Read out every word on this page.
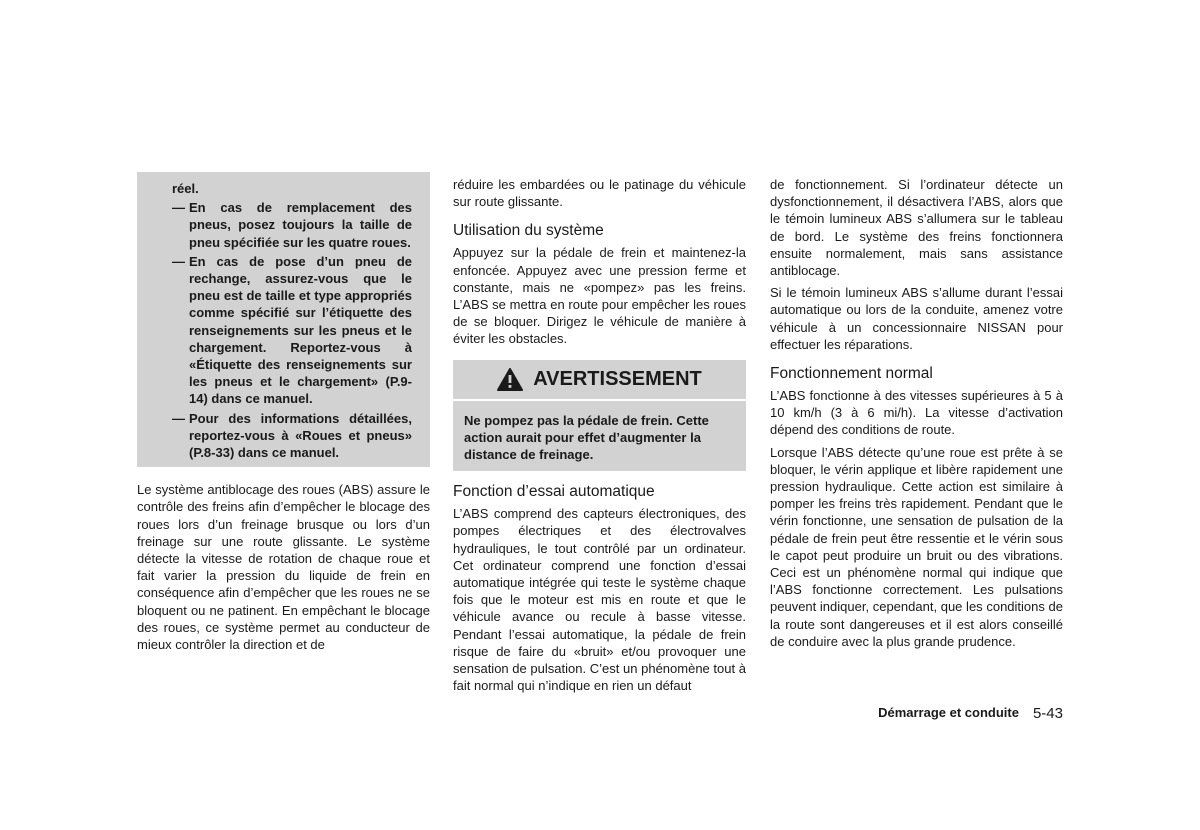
réel.

— En cas de remplacement des pneus, posez toujours la taille de pneu spécifiée sur les quatre roues.
— En cas de pose d’un pneu de rechange, assurez-vous que le pneu est de taille et type appropriés comme spécifié sur l’étiquette des renseignements sur les pneus et le chargement. Reportez-vous à «Étiquette des renseignements sur les pneus et le chargement» (P.9-14) dans ce manuel.
— Pour des informations détaillées, reportez-vous à «Roues et pneus» (P.8-33) dans ce manuel.

Le système antiblocage des roues (ABS) assure le contrôle des freins afin d’empêcher le blocage des roues lors d’un freinage brusque ou lors d’un freinage sur une route glissante. Le système détecte la vitesse de rotation de chaque roue et fait varier la pression du liquide de frein en conséquence afin d’empêcher que les roues ne se bloquent ou ne patinent. En empêchant le blocage des roues, ce système permet au conducteur de mieux contrôler la direction et de

réduire les embardées ou le patinage du véhicule sur route glissante.

Utilisation du système

Appuyez sur la pédale de frein et maintenez-la enfoncée. Appuyez avec une pression ferme et constante, mais ne «pompez» pas les freins. L’ABS se mettra en route pour empêcher les roues de se bloquer. Dirigez le véhicule de manière à éviter les obstacles.

AVERTISSEMENT
Ne pompez pas la pédale de frein. Cette action aurait pour effet d’augmenter la distance de freinage.
Fonction d’essai automatique

L’ABS comprend des capteurs électroniques, des pompes électriques et des électrovalves hydrauliques, le tout contrôlé par un ordinateur. Cet ordinateur comprend une fonction d’essai automatique intégrée qui teste le système chaque fois que le moteur est mis en route et que le véhicule avance ou recule à basse vitesse. Pendant l’essai automatique, la pédale de frein risque de faire du «bruit» et/ou provoquer une sensation de pulsation. C’est un phénomène tout à fait normal qui n’indique en rien un défaut

de fonctionnement. Si l’ordinateur détecte un dysfonctionnement, il désactivera l’ABS, alors que le témoin lumineux ABS s’allumera sur le tableau de bord. Le système des freins fonctionnera ensuite normalement, mais sans assistance antiblocage.

Si le témoin lumineux ABS s’allume durant l’essai automatique ou lors de la conduite, amenez votre véhicule à un concessionnaire NISSAN pour effectuer les réparations.

Fonctionnement normal

L’ABS fonctionne à des vitesses supérieures à 5 à 10 km/h (3 à 6 mi/h). La vitesse d’activation dépend des conditions de route.

Lorsque l’ABS détecte qu’une roue est prête à se bloquer, le vérin applique et libère rapidement une pression hydraulique. Cette action est similaire à pomper les freins très rapidement. Pendant que le vérin fonctionne, une sensation de pulsation de la pédale de frein peut être ressentie et le vérin sous le capot peut produire un bruit ou des vibrations. Ceci est un phénomène normal qui indique que l’ABS fonctionne correctement. Les pulsations peuvent indiquer, cependant, que les conditions de la route sont dangereuses et il est alors conseillé de conduire avec la plus grande prudence.

Démarrage et conduite 5-43
